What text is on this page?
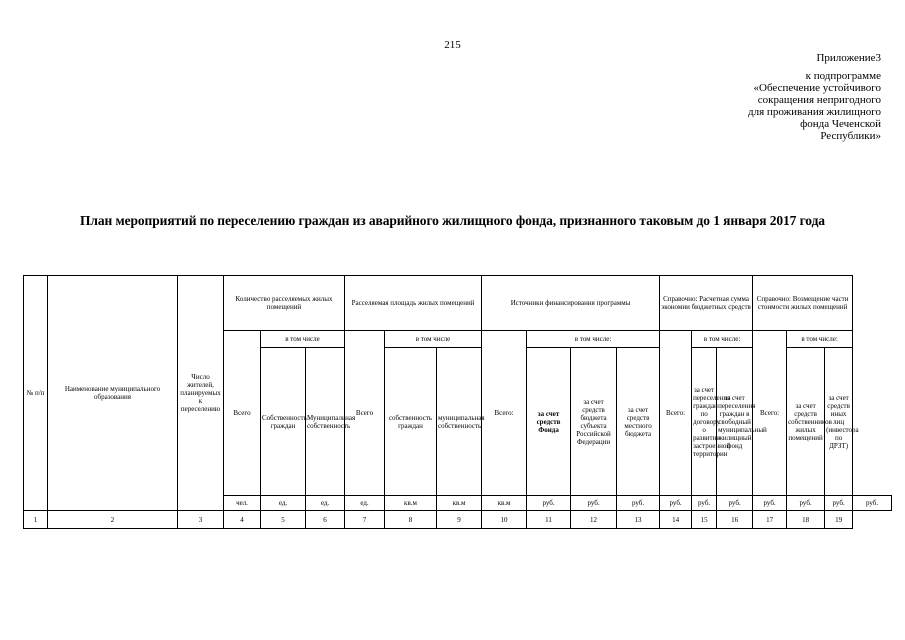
215
Приложение3
к подпрограмме
«Обеспечение устойчивого
сокращения непригодного
для проживания жилищного
фонда Чеченской
Республики»
План мероприятий по переселению граждан из аварийного жилищного фонда, признанного таковым до 1 января 2017 года
№ п/п	Наименование муниципального образования	Число жителей, планируемых к переселению	Количество расселяемых жилых помещений			Расселяемая площадь жилых помещений			Источники финансирования программы				Справочно: Расчетная сумма экономии бюджетных средств			Справочно: Возмещение части стоимости жилых помещений			
			Всего	в том числе		Всего	в том числе		Всего:	в том числе:			Всего:	в том числе:		Всего:	в том числе:		
				Собственность граждан	Муниципальная собственность		собственность граждан	муниципальная собственность		за счет средств Фонда	за счет средств бюджета субъекта Российской Федерации	за счет средств местного бюджета		за счет переселения граждан по договору о развитии застроенной территории	за счет переселения граждан в свободный муниципальный жилищный фонд		за счет средств собственников жилых помещений	за счет средств иных лиц (инвестора по ДРЗТ)	
			чел.	ед.	ед.	ед.	кв.м	кв.м	кв.м	руб.	руб.	руб.	руб.	руб.	руб.	руб.	руб.	руб.	руб.
1	2	3	4	5	6	7	8	9	10	11	12	13	14	15	16	17	18	19	
